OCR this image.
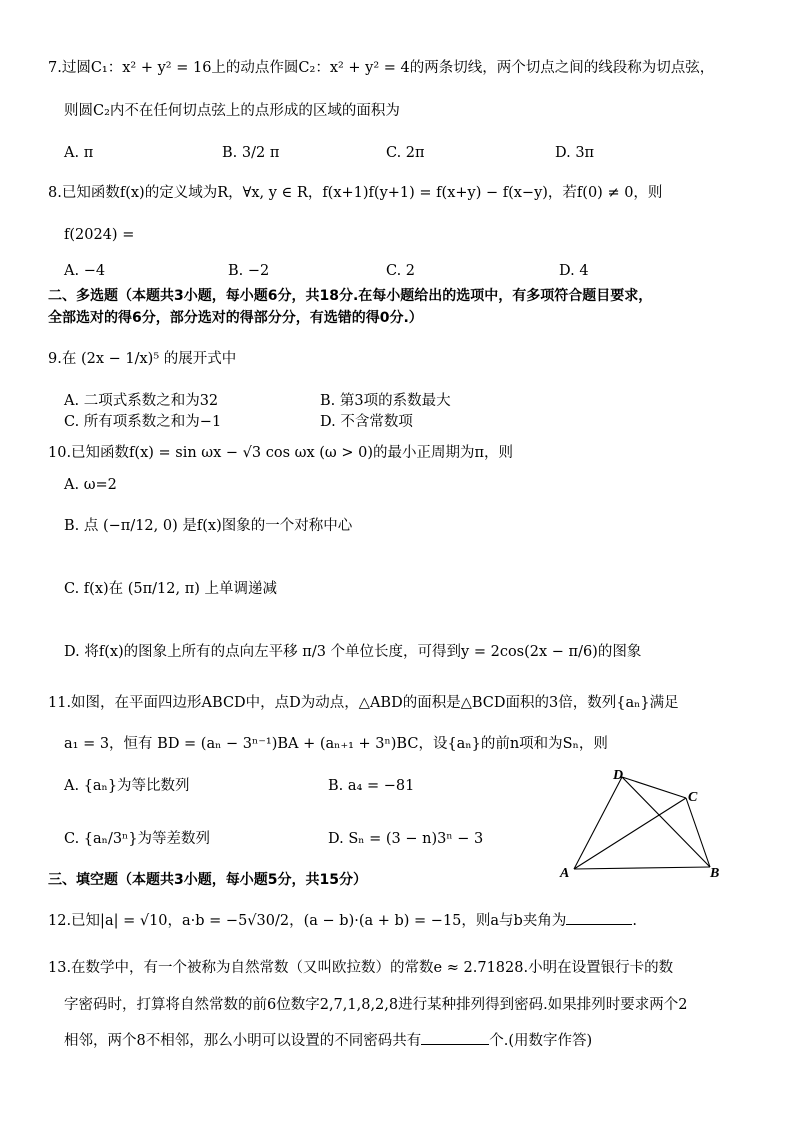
7.过圆C₁：x² + y² = 16上的动点作圆C₂：x² + y² = 4的两条切线，两个切点之间的线段称为切点弦，
则圆C₂内不在任何切点弦上的点形成的区域的面积为
A. π	B. 3/2 π	C. 2π	D. 3π
8.已知函数f(x)的定义域为R，∀x, y ∈ R，f(x+1)f(y+1) = f(x+y) − f(x−y)，若f(0) ≠ 0，则
f(2024) =
A. −4	B. −2	C. 2	D. 4
二、多选题（本题共3小题，每小题6分，共18分.在每小题给出的选项中，有多项符合题目要求，
全部选对的得6分，部分选对的得部分分，有选错的得0分.）
9.在 (2x − 1/x)⁵ 的展开式中
A. 二项式系数之和为32	B. 第3项的系数最大
C. 所有项系数之和为−1	D. 不含常数项
10.已知函数f(x) = sin ωx − √3 cos ωx (ω > 0)的最小正周期为π，则
A. ω=2
B. 点 (−π/12, 0) 是f(x)图象的一个对称中心
C. f(x)在 (5π/12, π) 上单调递减
D. 将f(x)的图象上所有的点向左平移 π/3 个单位长度，可得到y = 2cos(2x − π/6)的图象
11.如图，在平面四边形ABCD中，点D为动点，△ABD的面积是△BCD面积的3倍，数列{aₙ}满足
a₁ = 3，恒有 BD = (aₙ − 3ⁿ⁻¹)BA + (aₙ₊₁ + 3ⁿ)BC，设{aₙ}的前n项和为Sₙ，则
A. {aₙ}为等比数列	B. a₄ = −81
C. {aₙ/3ⁿ}为等差数列	D. Sₙ = (3 − n)3ⁿ − 3
D
C
A	B
三、填空题（本题共3小题，每小题5分，共15分）
12.已知|a| = √10，a·b = −5√30/2，(a − b)·(a + b) = −15，则a与b夹角为	.
13.在数学中，有一个被称为自然常数（又叫欧拉数）的常数e ≈ 2.71828.小明在设置银行卡的数
字密码时，打算将自然常数的前6位数字2,7,1,8,2,8进行某种排列得到密码.如果排列时要求两个2
相邻，两个8不相邻，那么小明可以设置的不同密码共有	个.(用数字作答)
